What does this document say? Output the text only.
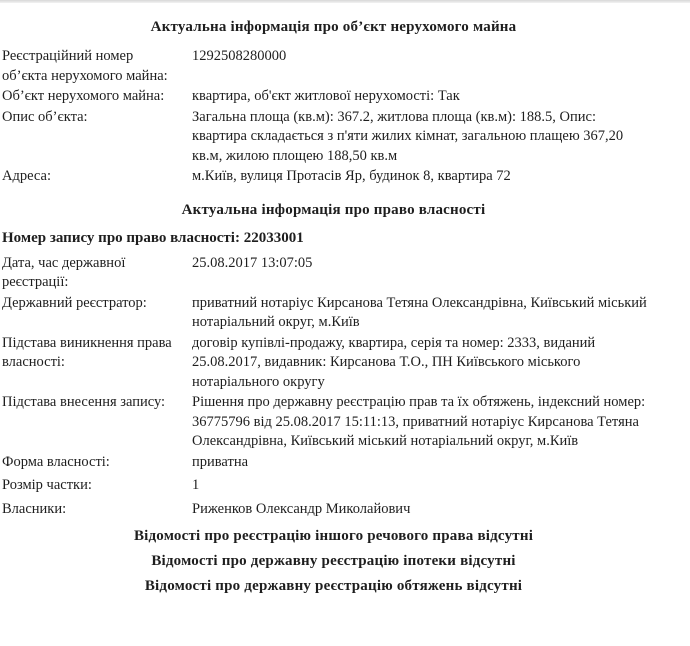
Актуальна інформація про об’єкт нерухомого майна
Реєстраційний номер об’єкта нерухомого майна:
1292508280000
Об’єкт нерухомого майна:	квартира, об'єкт житлової нерухомості: Так
Опис об’єкта:	Загальна площа (кв.м): 367.2, житлова площа (кв.м): 188.5, Опис: квартира складається з п'яти жилих кімнат, загальною плащею 367,20 кв.м, жилою площею 188,50 кв.м
Адреса:	м.Київ, вулиця Протасів Яр, будинок 8, квартира 72
Актуальна інформація про право власності
Номер запису про право власності: 22033001
Дата, час державної реєстрації:
25.08.2017 13:07:05
Державний реєстратор:	приватний нотаріус Кирсанова Тетяна Олександрівна, Київський міський нотаріальний округ, м.Київ
Підстава виникнення права власності:
договір купівлі-продажу, квартира, серія та номер: 2333, виданий 25.08.2017, видавник: Кирсанова Т.О., ПН Київського міського нотаріального округу
Підстава внесення запису:	Рішення про державну реєстрацію прав та їх обтяжень, індексний номер: 36775796 від 25.08.2017 15:11:13, приватний нотаріус Кирсанова Тетяна Олександрівна, Київський міський нотаріальний округ, м.Київ
Форма власності:	приватна
Розмір частки:	1
Власники:	Риженков Олександр Миколайович
Відомості про реєстрацію іншого речового права відсутні
Відомості про державну реєстрацію іпотеки відсутні
Відомості про державну реєстрацію обтяжень відсутні
